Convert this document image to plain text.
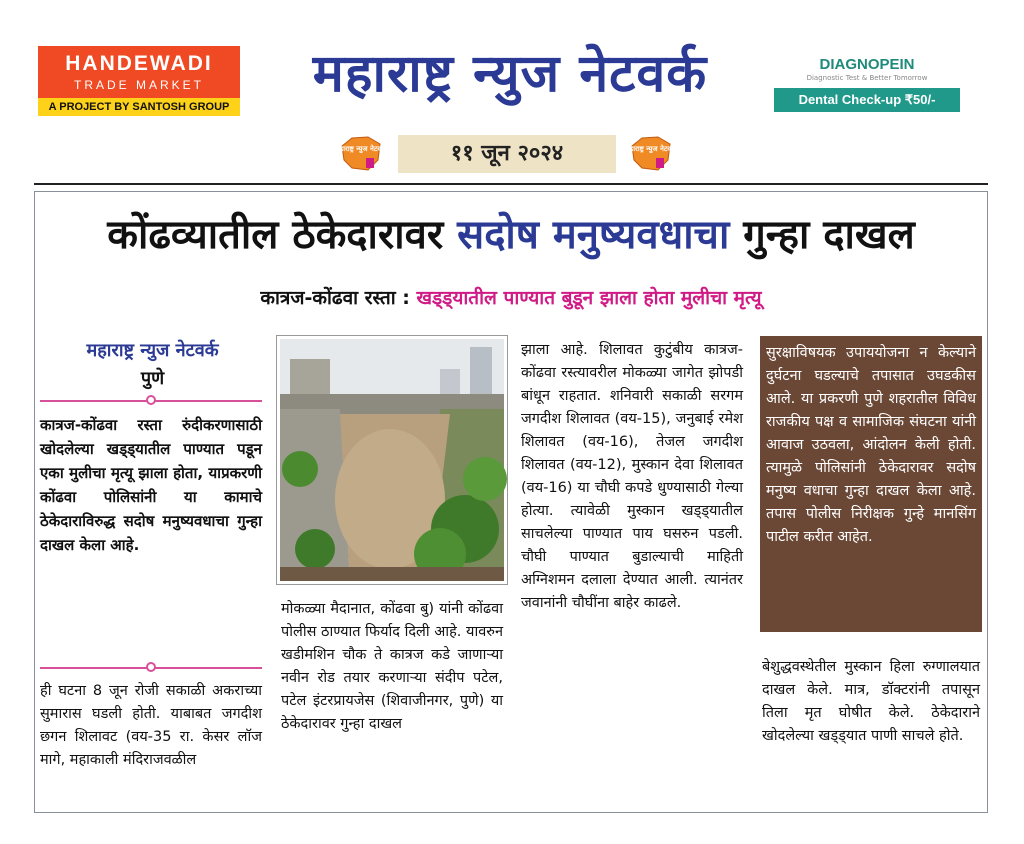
HANDEWADI
TRADE MARKET
A PROJECT BY SANTOSH GROUP
महाराष्ट्र न्युज नेटवर्क	DIAGNOPEIN
Diagnostic Test & Better Tomorrow
Dental Check-up ₹50/-
महाराष्ट्र न्युज नेटवर्क	११ जून २०२४	महाराष्ट्र न्युज नेटवर्क
कोंढव्यातील ठेकेदारावर सदोष मनुष्यवधाचा गुन्हा दाखल
कात्रज-कोंढवा रस्ता : खड्ड्यातील पाण्यात बुडून झाला होता मुलीचा मृत्यू
महाराष्ट्र न्युज नेटवर्क
पुणे
कात्रज-कोंढवा रस्ता रुंदीकरणासाठी खोदलेल्या खड्ड्यातील पाण्यात पडून एका मुलीचा मृत्यू झाला होता, याप्रकरणी कोंढवा पोलिसांनी या कामाचे ठेकेदाराविरुद्ध सदोष मनुष्यवधाचा गुन्हा दाखल केला आहे.
ही घटना 8 जून रोजी सकाळी अकराच्या सुमारास घडली होती. याबाबत जगदीश छगन शिलावट (वय-35 रा. केसर लॉज मागे, महाकाली मंदिराजवळील
मोकळ्या मैदानात, कोंढवा बु) यांनी कोंढवा पोलीस ठाण्यात फिर्याद दिली आहे. यावरुन खडीमशिन चौक ते कात्रज कडे जाणाऱ्या नवीन रोड तयार करणाऱ्या संदीप पटेल, पटेल इंटरप्रायजेस (शिवाजीनगर, पुणे) या ठेकेदारावर गुन्हा दाखल
झाला आहे. शिलावत कुटुंबीय कात्रज-कोंढवा रस्त्यावरील मोकळ्या जागेत झोपडी बांधून राहतात. शनिवारी सकाळी सरगम जगदीश शिलावत (वय-15), जनुबाई रमेश शिलावत (वय-16), तेजल जगदीश शिलावत (वय-12), मुस्कान देवा शिलावत (वय-16) या चौघी कपडे धुण्यासाठी गेल्या होत्या. त्यावेळी मुस्कान खड्ड्यातील साचलेल्या पाण्यात पाय घसरुन पडली. चौघी पाण्यात बुडाल्याची माहिती अग्निशमन दलाला देण्यात आली. त्यानंतर जवानांनी चौघींना बाहेर काढले.
सुरक्षाविषयक उपाययोजना न केल्याने दुर्घटना घडल्याचे तपासात उघडकीस आले. या प्रकरणी पुणे शहरातील विविध राजकीय पक्ष व सामाजिक संघटना यांनी आवाज उठवला, आंदोलन केली होती. त्यामुळे पोलिसांनी ठेकेदारावर सदोष मनुष्य वधाचा गुन्हा दाखल केला आहे. तपास पोलीस निरीक्षक गुन्हे मानसिंग पाटील करीत आहेत.
बेशुद्धवस्थेतील मुस्कान हिला रुग्णालयात दाखल केले. मात्र, डॉक्टरांनी तपासून तिला मृत घोषीत केले. ठेकेदाराने खोदलेल्या खड्ड्यात पाणी साचले होते.
